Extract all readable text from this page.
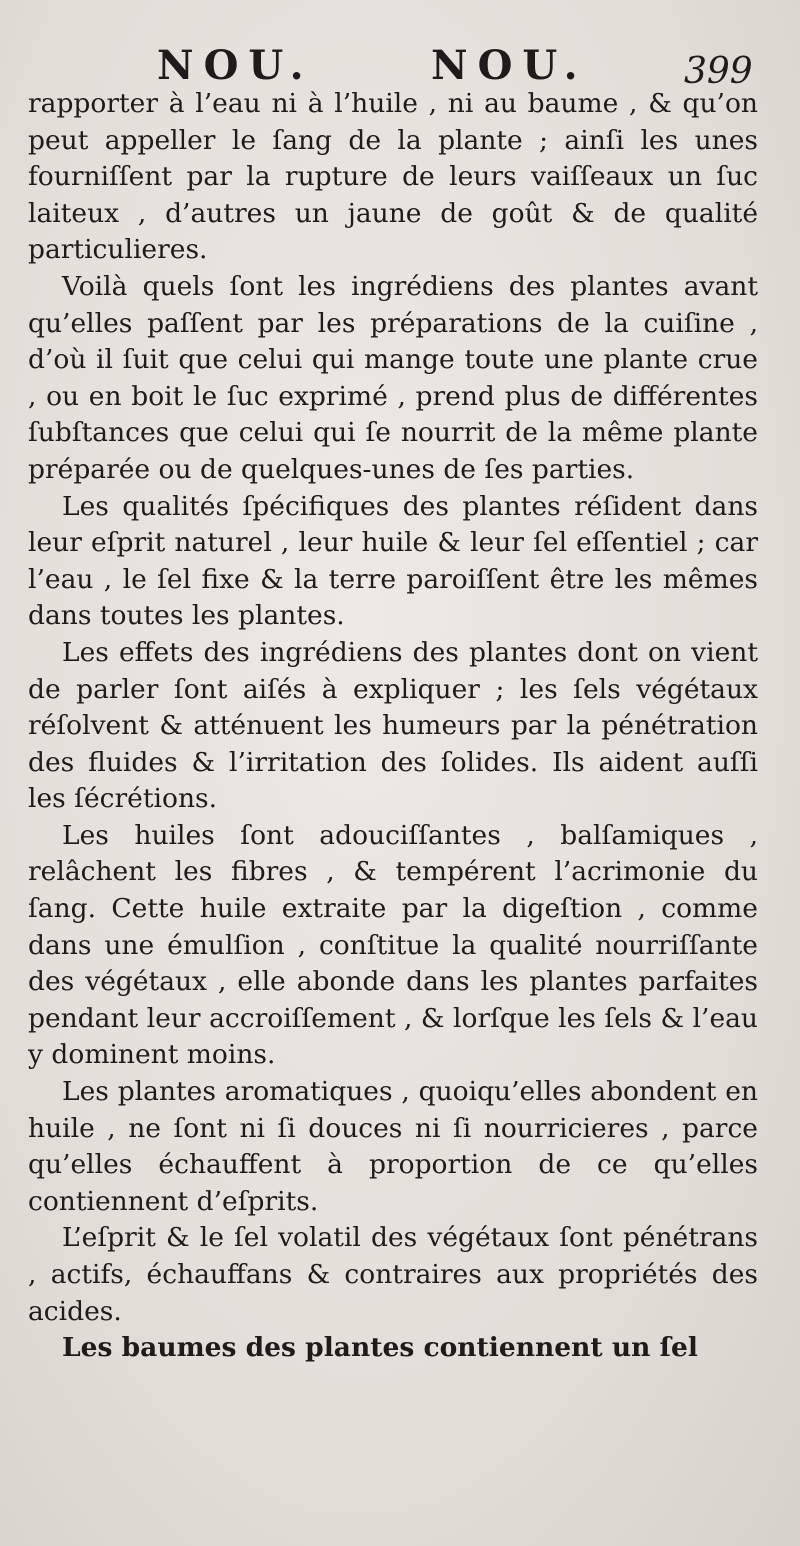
NOU.	NOU.	399

rapporter à l’eau ni à l’huile , ni au baume , & qu’on peut appeller le ſang de la plante ; ainſi les unes fourniſſent par la rupture de leurs vaiſſeaux un ſuc laiteux , d’autres un jaune de goût & de qualité particulieres.

Voilà quels ſont les ingrédiens des plantes avant qu’elles paſſent par les préparations de la cuiſine , d’où il ſuit que celui qui mange toute une plante crue , ou en boit le ſuc exprimé , prend plus de différentes ſubſtances que celui qui ſe nourrit de la même plante préparée ou de quelques-unes de ſes parties.

Les qualités ſpécifiques des plantes réſident dans leur eſprit naturel , leur huile & leur ſel eſſentiel ; car l’eau , le ſel fixe & la terre paroiſſent être les mêmes dans toutes les plantes.

Les effets des ingrédiens des plantes dont on vient de parler ſont aiſés à expliquer ; les ſels végétaux réſolvent & atténuent les humeurs par la pénétration des fluides & l’irritation des ſolides. Ils aident auſſi les ſécrétions.

Les huiles ſont adouciſſantes , balſamiques , relâchent les fibres , & tempérent l’acrimonie du ſang. Cette huile extraite par la digeſtion , comme dans une émulſion , conſtitue la qualité nourriſſante des végétaux , elle abonde dans les plantes parfaites pendant leur accroiſſement , & lorſque les ſels & l’eau y dominent moins.

Les plantes aromatiques , quoiqu’elles abondent en huile , ne ſont ni ſi douces ni ſi nourricieres , parce qu’elles échauffent à proportion de ce qu’elles contiennent d’eſprits.

L’eſprit & le ſel volatil des végétaux ſont pénétrans , actifs, échauffans & contraires aux propriétés des acides.

Les baumes des plantes contiennent un ſel
